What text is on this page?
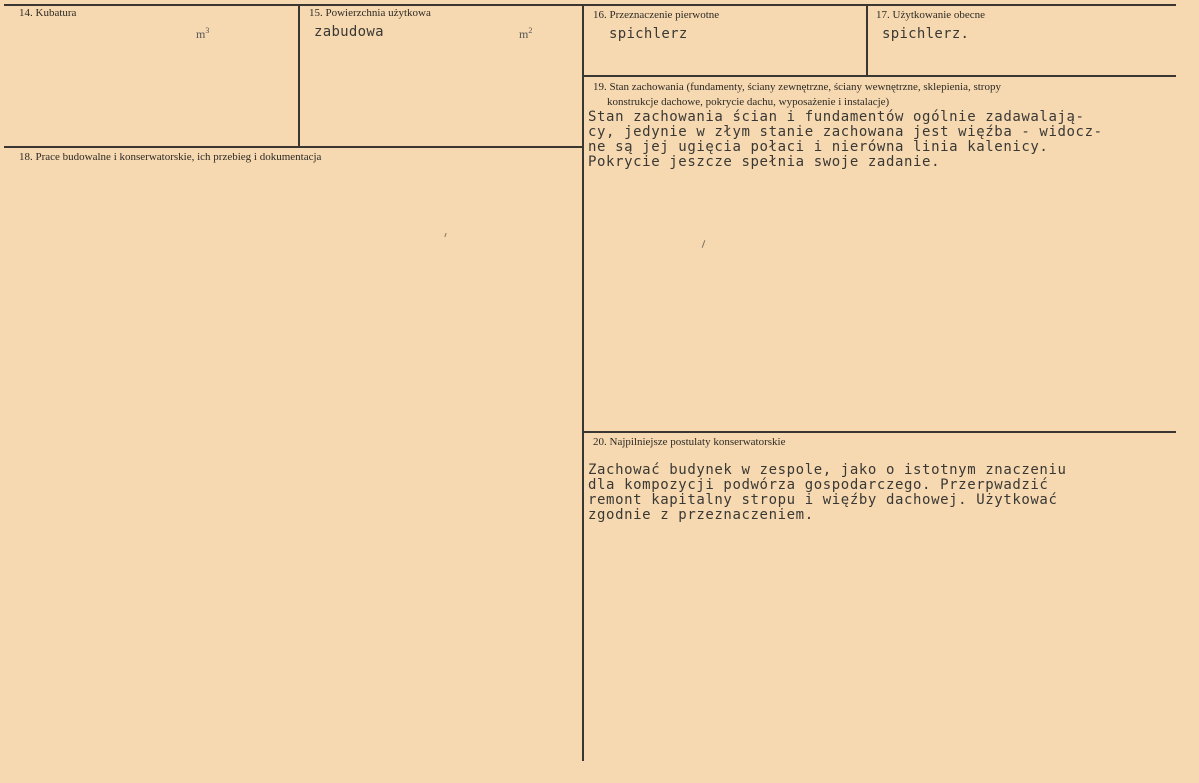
14. Kubatura
$m^3$
15. Powierzchnia użytkowa
zabudowa	$m^2$
16. Przeznaczenie pierwotne
spichlerz
17. Użytkowanie obecne
spichlerz.
18. Prace budowalne i konserwatorskie, ich przebieg i dokumentacja
19. Stan zachowania (fundamenty, ściany zewnętrzne, ściany wewnętrzne, sklepienia, stropy
konstrukcje dachowe, pokrycie dachu, wyposażenie i instalacje)
Stan zachowania ścian i fundamentów ogólnie zadawalają-
cy, jedynie w złym stanie zachowana jest więźba - widocz-
ne są jej ugięcia połaci i nierówna linia kalenicy.
Pokrycie jeszcze spełnia swoje zadanie.
20. Najpilniejsze postulaty konserwatorskie
Zachować budynek w zespole, jako o istotnym znaczeniu
dla kompozycji podwórza gospodarczego. Przerpwadzić
remont kapitalny stropu i więźby dachowej. Użytkować
zgodnie z przeznaczeniem.
